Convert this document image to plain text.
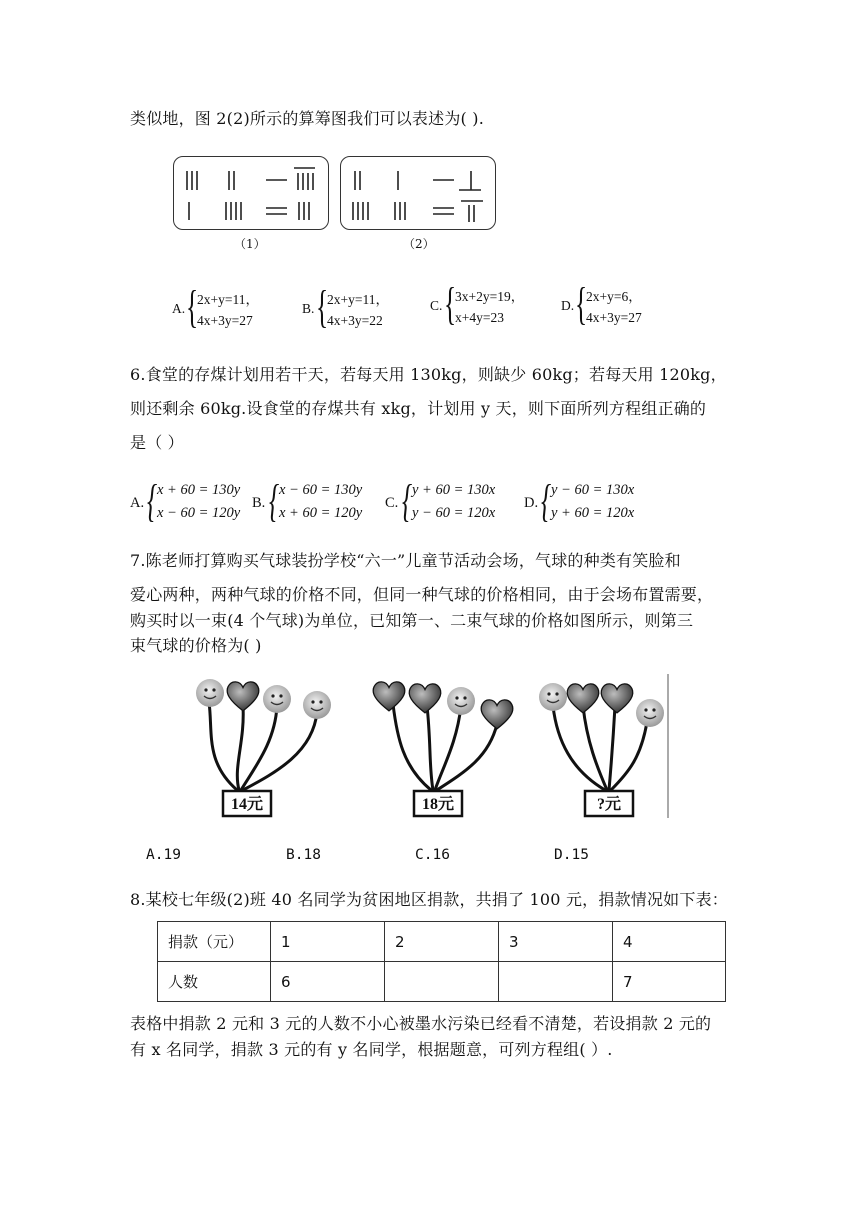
类似地，图 2(2)所示的算筹图我们可以表述为( ).
（1）	（2）
A. {
2x+y=11，
4x+3y=27
B. {
2x+y=11，
4x+3y=22
C. {
3x+2y=19，
x+4y=23
D. {
2x+y=6，
4x+3y=27
6.食堂的存煤计划用若干天，若每天用 130kg，则缺少 60kg；若每天用 120kg，
则还剩余 60kg.设食堂的存煤共有 xkg，计划用 y 天，则下面所列方程组正确的
是（ ）
A. { x + 60 = 130y
x − 60 = 120y
B. { x − 60 = 130y
x + 60 = 120y
C. { y + 60 = 130x
y − 60 = 120x
D. { y − 60 = 130x
y + 60 = 120x
7.陈老师打算购买气球装扮学校“六一”儿童节活动会场，气球的种类有笑脸和
爱心两种，两种气球的价格不同，但同一种气球的价格相同，由于会场布置需要，
购买时以一束(4 个气球)为单位，已知第一、二束气球的价格如图所示，则第三
束气球的价格为( )
14元	18元	?元
A.19	B.18	C.16	D.15
8.某校七年级(2)班 40 名同学为贫困地区捐款，共捐了 100 元，捐款情况如下表：
捐款（元）	1	2	3	4
人数	6			7
表格中捐款 2 元和 3 元的人数不小心被墨水污染已经看不清楚，若设捐款 2 元的
有 x 名同学，捐款 3 元的有 y 名同学，根据题意，可列方程组( ）.
